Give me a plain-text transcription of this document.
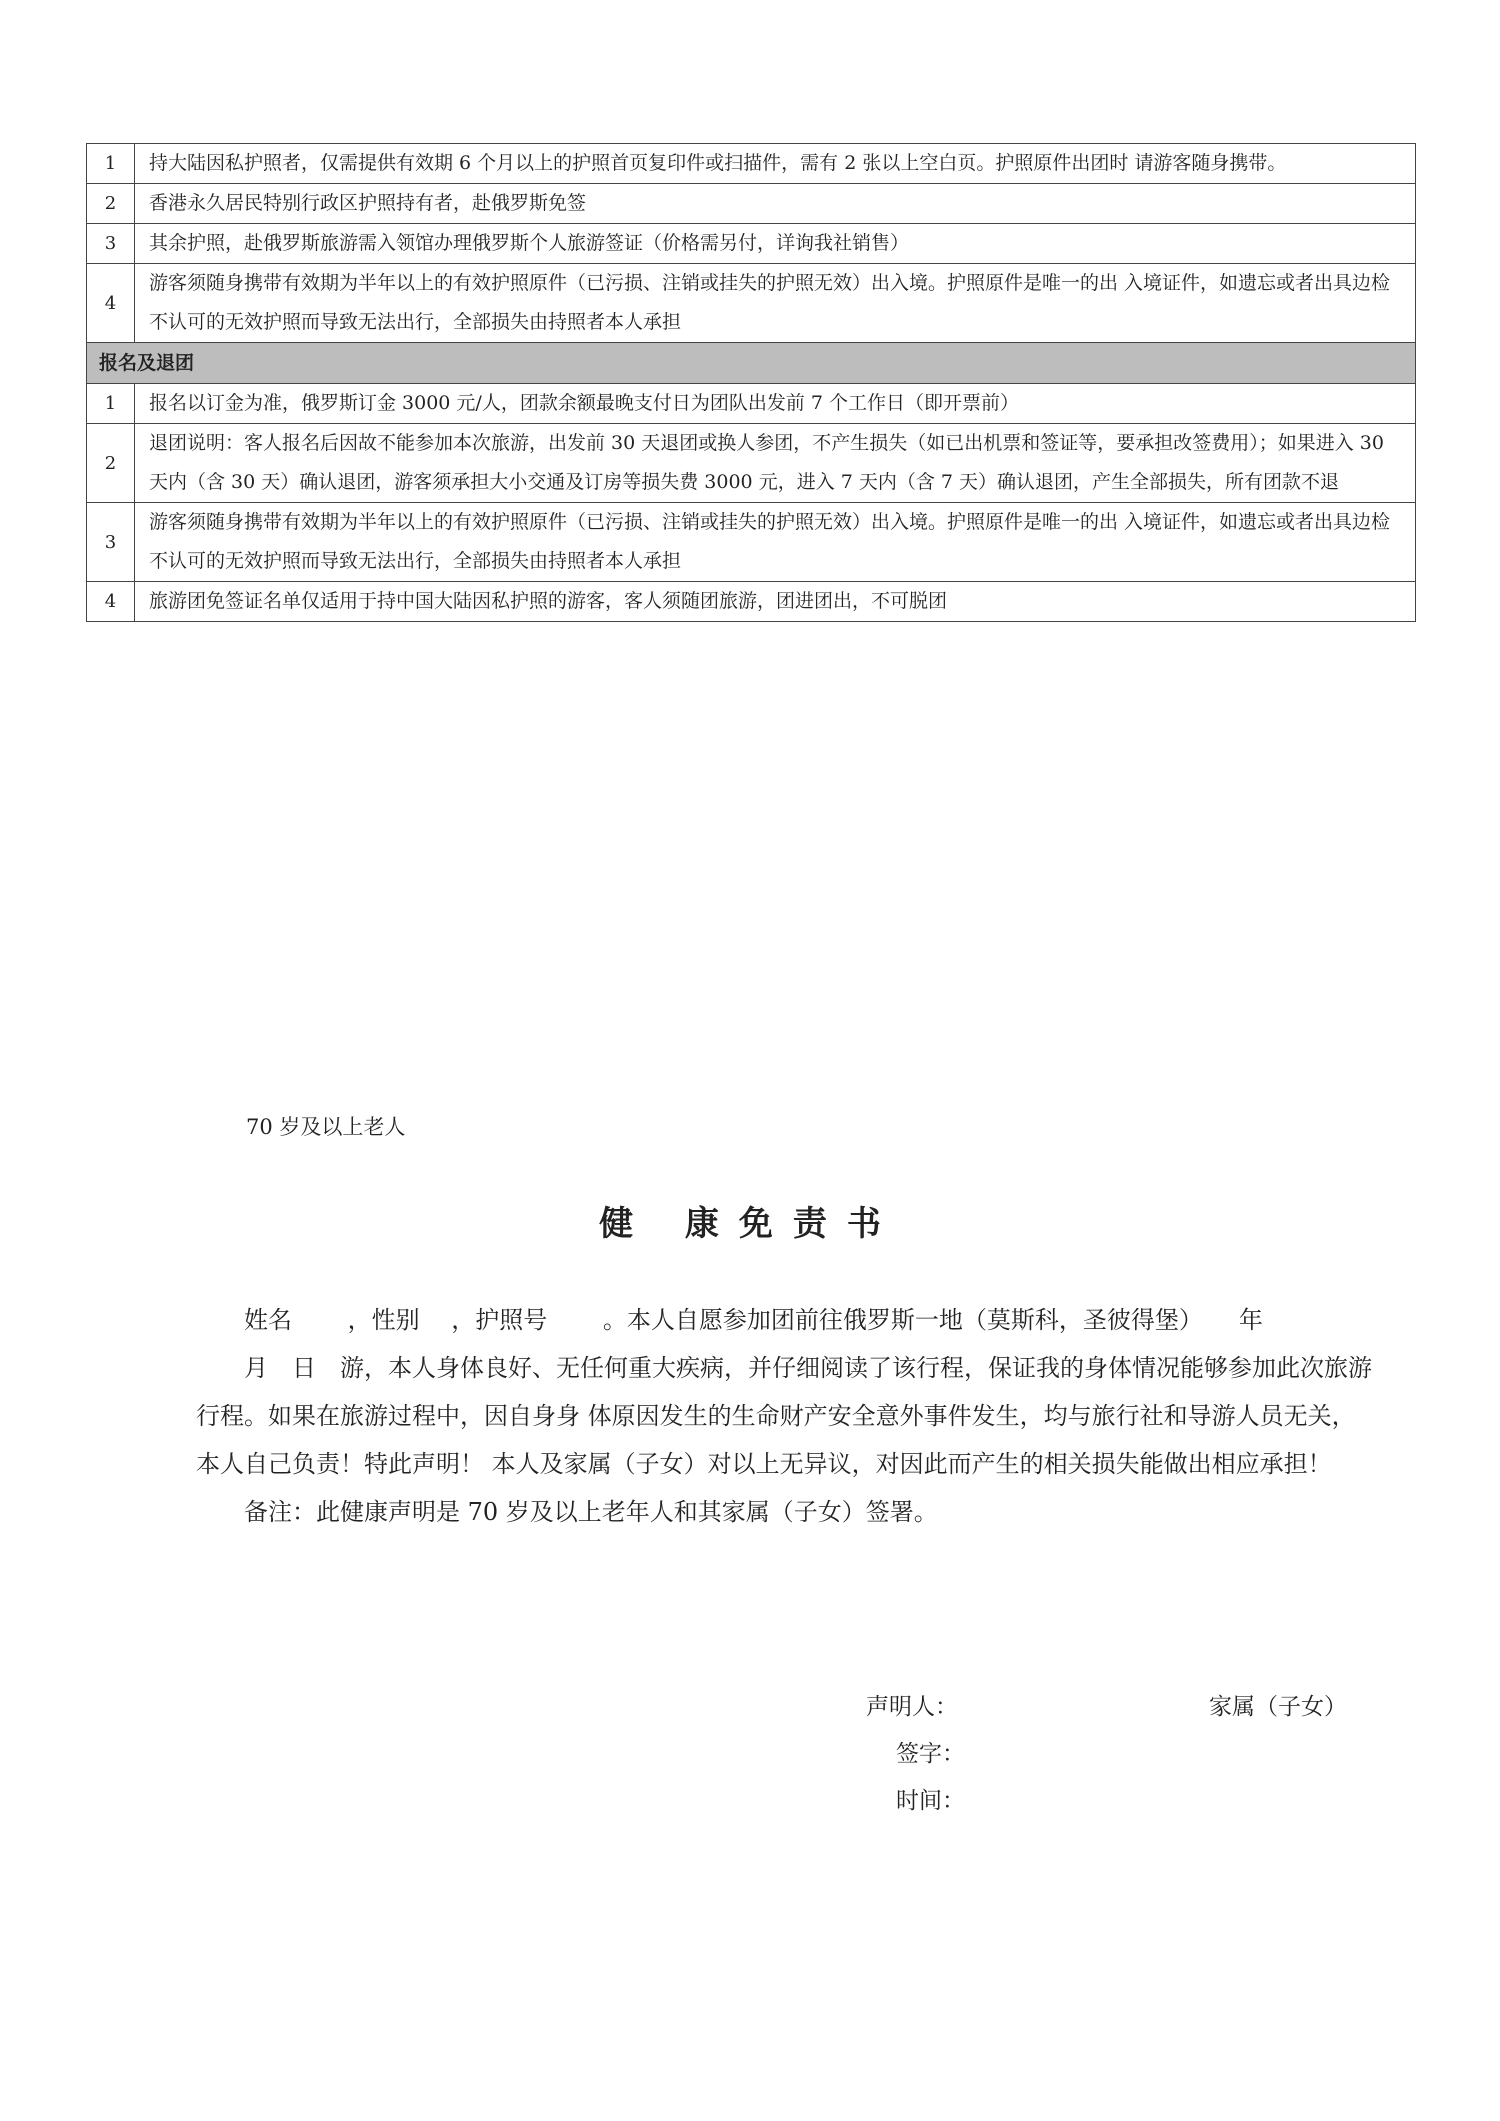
1	持大陆因私护照者，仅需提供有效期 6 个月以上的护照首页复印件或扫描件，需有 2 张以上空白页。护照原件出团时 请游客随身携带。
2	香港永久居民特别行政区护照持有者，赴俄罗斯免签
3	其余护照，赴俄罗斯旅游需入领馆办理俄罗斯个人旅游签证（价格需另付，详询我社销售）
4	游客须随身携带有效期为半年以上的有效护照原件（已污损、注销或挂失的护照无效）出入境。护照原件是唯一的出 入境证件，如遗忘或者出具边检不认可的无效护照而导致无法出行，全部损失由持照者本人承担
报名及退团	
1	报名以订金为准，俄罗斯订金 3000 元/人，团款余额最晚支付日为团队出发前 7 个工作日（即开票前）
2	退团说明：客人报名后因故不能参加本次旅游，出发前 30 天退团或换人参团，不产生损失（如已出机票和签证等，要承担改签费用）；如果进入 30 天内（含 30 天）确认退团，游客须承担大小交通及订房等损失费 3000 元，进入 7 天内（含 7 天）确认退团，产生全部损失，所有团款不退
3	游客须随身携带有效期为半年以上的有效护照原件（已污损、注销或挂失的护照无效）出入境。护照原件是唯一的出 入境证件，如遗忘或者出具边检不认可的无效护照而导致无法出行，全部损失由持照者本人承担
4	旅游团免签证名单仅适用于持中国大陆因私护照的游客，客人须随团旅游，团进团出，不可脱团
70 岁及以上老人
健 康免责书

姓名　　 ，性别　 ，护照号　　 。本人自愿参加团前往俄罗斯一地（莫斯科，圣彼得堡）　　年

月　日　游，本人身体良好、无任何重大疾病，并仔细阅读了该行程，保证我的身体情况能够参加此次旅游行程。如果在旅游过程中，因自身身 体原因发生的生命财产安全意外事件发生，均与旅行社和导游人员无关，本人自己负责！特此声明！ 本人及家属（子女）对以上无异议，对因此而产生的相关损失能做出相应承担！

备注：此健康声明是 70 岁及以上老年人和其家属（子女）签署。

声明人：	家属（子女）
签字：
时间：
